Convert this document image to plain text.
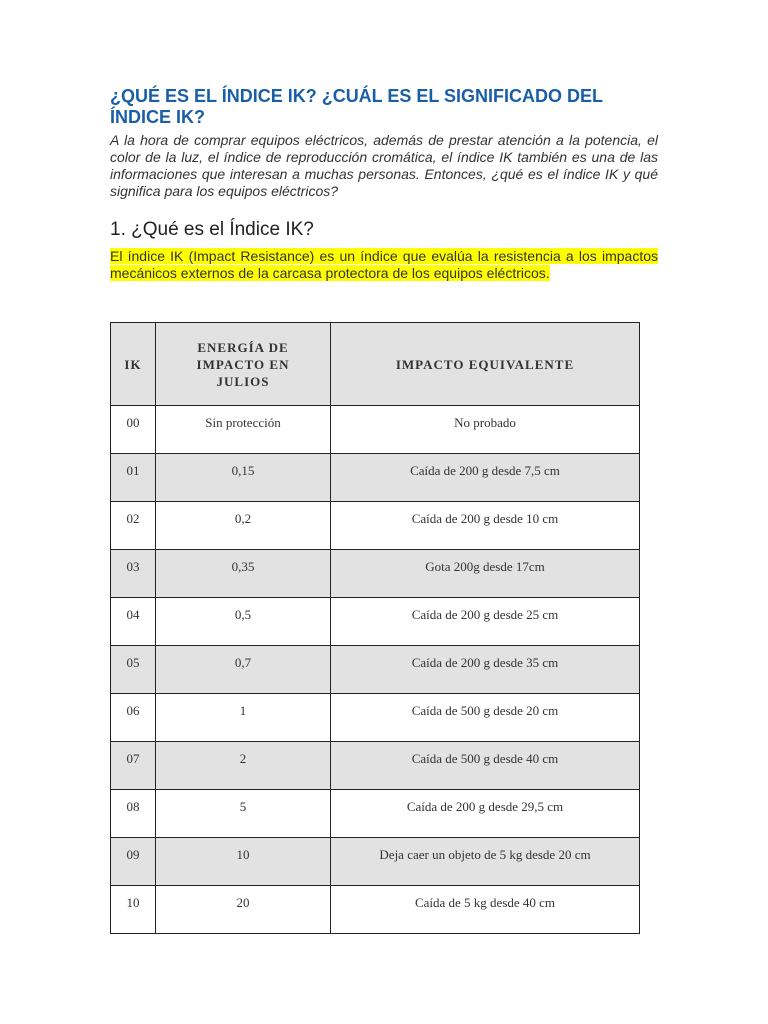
¿QUÉ ES EL ÍNDICE IK? ¿CUÁL ES EL SIGNIFICADO DEL ÍNDICE IK?

A la hora de comprar equipos eléctricos, además de prestar atención a la potencia, el color de la luz, el índice de reproducción cromática, el índice IK también es una de las informaciones que interesan a muchas personas. Entonces, ¿qué es el índice IK y qué significa para los equipos eléctricos?

1. ¿Qué es el Índice IK?

El índice IK (Impact Resistance) es un índice que evalúa la resistencia a los impactos mecánicos externos de la carcasa protectora de los equipos eléctricos.

IK	ENERGÍA DE IMPACTO EN JULIOS	IMPACTO EQUIVALENTE
00	Sin protección	No probado
01	0,15	Caída de 200 g desde 7,5 cm
02	0,2	Caída de 200 g desde 10 cm
03	0,35	Gota 200g desde 17cm
04	0,5	Caída de 200 g desde 25 cm
05	0,7	Caída de 200 g desde 35 cm
06	1	Caída de 500 g desde 20 cm
07	2	Caída de 500 g desde 40 cm
08	5	Caída de 200 g desde 29,5 cm
09	10	Deja caer un objeto de 5 kg desde 20 cm
10	20	Caída de 5 kg desde 40 cm
